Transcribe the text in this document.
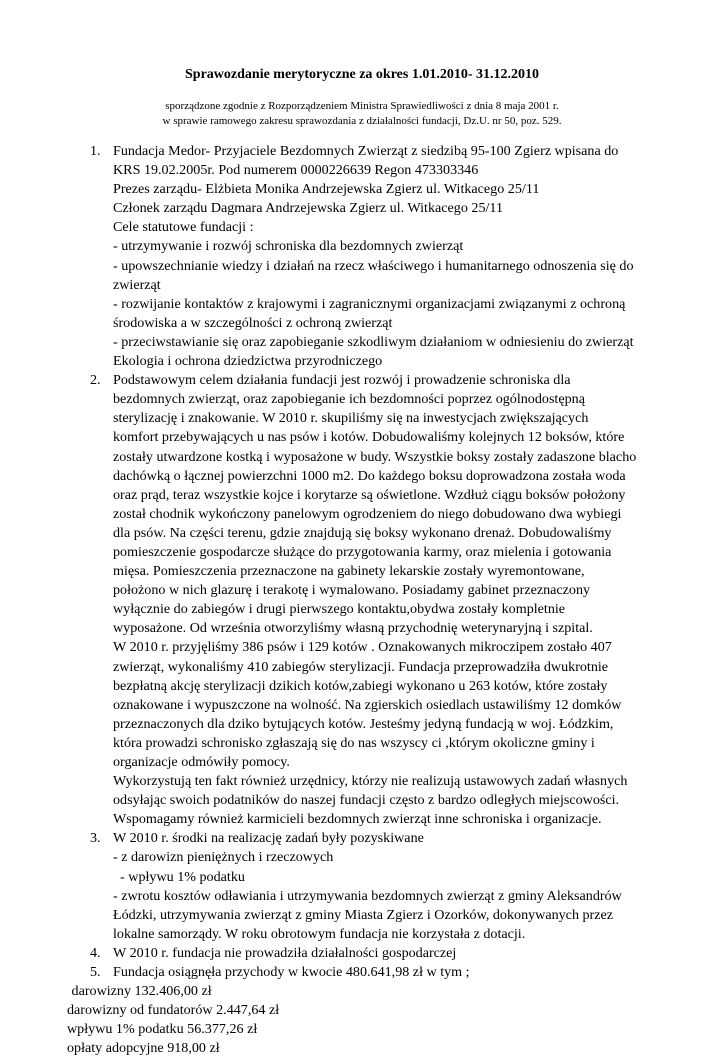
Sprawozdanie merytoryczne za okres 1.01.2010- 31.12.2010
sporządzone zgodnie z Rozporządzeniem Ministra Sprawiedliwości z dnia 8 maja 2001 r.
w sprawie ramowego zakresu sprawozdania z działalności fundacji, Dz.U. nr 50, poz. 529.
1. Fundacja Medor- Przyjaciele Bezdomnych Zwierząt z siedzibą 95-100 Zgierz wpisana do
KRS 19.02.2005r. Pod numerem 0000226639 Regon 473303346
Prezes zarządu- Elżbieta Monika Andrzejewska Zgierz ul. Witkacego 25/11
Członek zarządu Dagmara Andrzejewska Zgierz ul. Witkacego 25/11
Cele statutowe fundacji :
- utrzymywanie i rozwój schroniska dla bezdomnych zwierząt
- upowszechnianie wiedzy i działań na rzecz właściwego i humanitarnego odnoszenia się do
zwierząt
- rozwijanie kontaktów z krajowymi i zagranicznymi organizacjami związanymi z ochroną
środowiska a w szczególności z ochroną zwierząt
- przeciwstawianie się oraz zapobieganie szkodliwym działaniom w odniesieniu do zwierząt
Ekologia i ochrona dziedzictwa przyrodniczego
2. Podstawowym celem działania fundacji jest rozwój i prowadzenie schroniska dla
bezdomnych zwierząt, oraz zapobieganie ich bezdomności poprzez ogólnodostępną
sterylizację i znakowanie. W 2010 r. skupiliśmy się na inwestycjach zwiększających
komfort przebywających u nas psów i kotów. Dobudowaliśmy kolejnych 12 boksów, które
zostały utwardzone kostką i wyposażone w budy. Wszystkie boksy zostały zadaszone blacho
dachówką o łącznej powierzchni 1000 m2. Do każdego boksu doprowadzona została woda
oraz prąd, teraz wszystkie kojce i korytarze są oświetlone. Wzdłuż ciągu boksów położony
został chodnik wykończony panelowym ogrodzeniem do niego dobudowano dwa wybiegi
dla psów. Na części terenu, gdzie znajdują się boksy wykonano drenaż. Dobudowaliśmy
pomieszczenie gospodarcze służące do przygotowania karmy, oraz mielenia i gotowania
mięsa. Pomieszczenia przeznaczone na gabinety lekarskie zostały wyremontowane,
położono w nich glazurę i terakotę i wymalowano. Posiadamy gabinet przeznaczony
wyłącznie do zabiegów i drugi pierwszego kontaktu,obydwa zostały kompletnie
wyposażone. Od września otworzyliśmy własną przychodnię weterynaryjną i szpital.
W 2010 r. przyjęliśmy 386 psów i 129 kotów . Oznakowanych mikroczipem zostało 407
zwierząt, wykonaliśmy 410 zabiegów sterylizacji. Fundacja przeprowadziła dwukrotnie
bezpłatną akcję sterylizacji dzikich kotów,zabiegi wykonano u 263 kotów, które zostały
oznakowane i wypuszczone na wolność. Na zgierskich osiedlach ustawiliśmy 12 domków
przeznaczonych dla dziko bytujących kotów. Jesteśmy jedyną fundacją w woj. Łódzkim,
która prowadzi schronisko zgłaszają się do nas wszyscy ci ,którym okoliczne gminy i
organizacje odmówiły pomocy.
Wykorzystują ten fakt również urzędnicy, którzy nie realizują ustawowych zadań własnych
odsyłając swoich podatników do naszej fundacji często z bardzo odległych miejscowości.
Wspomagamy również karmicieli bezdomnych zwierząt inne schroniska i organizacje.
3. W 2010 r. środki na realizację zadań były pozyskiwane
- z darowizn pieniężnych i rzeczowych
- wpływu 1% podatku
- zwrotu kosztów odławiania i utrzymywania bezdomnych zwierząt z gminy Aleksandrów
Łódzki, utrzymywania zwierząt z gminy Miasta Zgierz i Ozorków, dokonywanych przez
lokalne samorządy. W roku obrotowym fundacja nie korzystała z dotacji.
4. W 2010 r. fundacja nie prowadziła działalności gospodarczej
5. Fundacja osiągnęła przychody w kwocie 480.641,98 zł w tym ;
darowizny 132.406,00 zł
darowizny od fundatorów 2.447,64 zł
wpływu 1% podatku 56.377,26 zł
opłaty adopcyjne 918,00 zł
